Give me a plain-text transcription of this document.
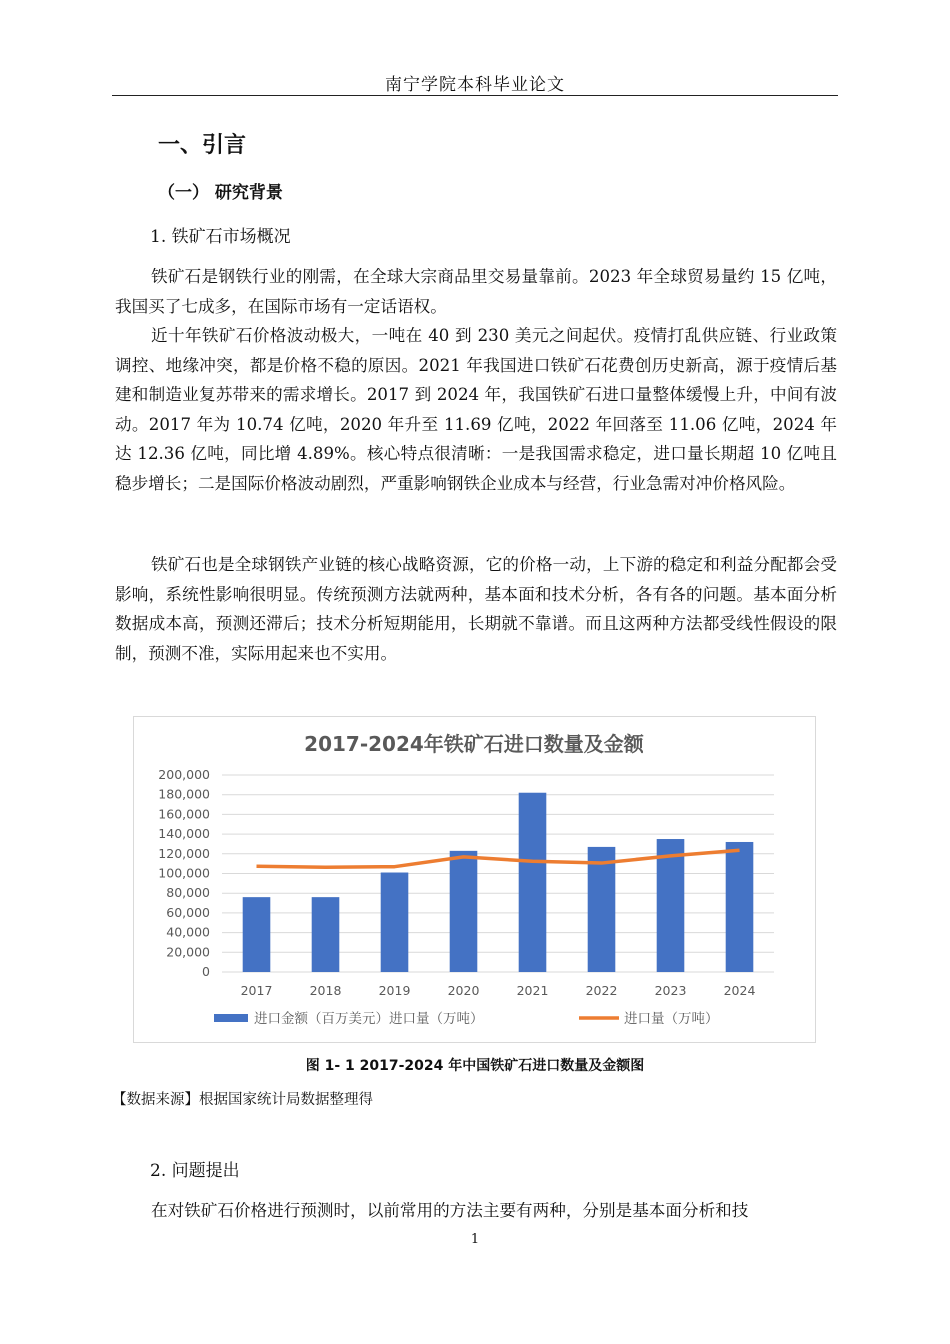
南宁学院本科毕业论文
一、引言
（一） 研究背景
1. 铁矿石市场概况

铁矿石是钢铁行业的刚需，在全球大宗商品里交易量靠前。2023 年全球贸易量约 15 亿吨，我国买了七成多，在国际市场有一定话语权。

近十年铁矿石价格波动极大，一吨在 40 到 230 美元之间起伏。疫情打乱供应链、行业政策调控、地缘冲突，都是价格不稳的原因。2021 年我国进口铁矿石花费创历史新高，源于疫情后基建和制造业复苏带来的需求增长。2017 到 2024 年，我国铁矿石进口量整体缓慢上升，中间有波动。2017 年为 10.74 亿吨，2020 年升至 11.69 亿吨，2022 年回落至 11.06 亿吨，2024 年达 12.36 亿吨，同比增 4.89%。核心特点很清晰：一是我国需求稳定，进口量长期超 10 亿吨且稳步增长；二是国际价格波动剧烈，严重影响钢铁企业成本与经营，行业急需对冲价格风险。

铁矿石也是全球钢铁产业链的核心战略资源，它的价格一动，上下游的稳定和利益分配都会受影响，系统性影响很明显。传统预测方法就两种，基本面和技术分析，各有各的问题。基本面分析数据成本高，预测还滞后；技术分析短期能用，长期就不靠谱。而且这两种方法都受线性假设的限制，预测不准，实际用起来也不实用。

2017-2024年铁矿石进口数量及金额
0
20,000
40,000
60,000
80,000
100,000
120,000
140,000
160,000
180,000
200,000
2017	2018	2019	2020	2021	2022	2023	2024
进口金额（百万美元）进口量（万吨）	进口量（万吨）
图 1- 1 2017-2024 年中国铁矿石进口数量及金额图
【数据来源】根据国家统计局数据整理得
2. 问题提出

在对铁矿石价格进行预测时，以前常用的方法主要有两种，分别是基本面分析和技

1
